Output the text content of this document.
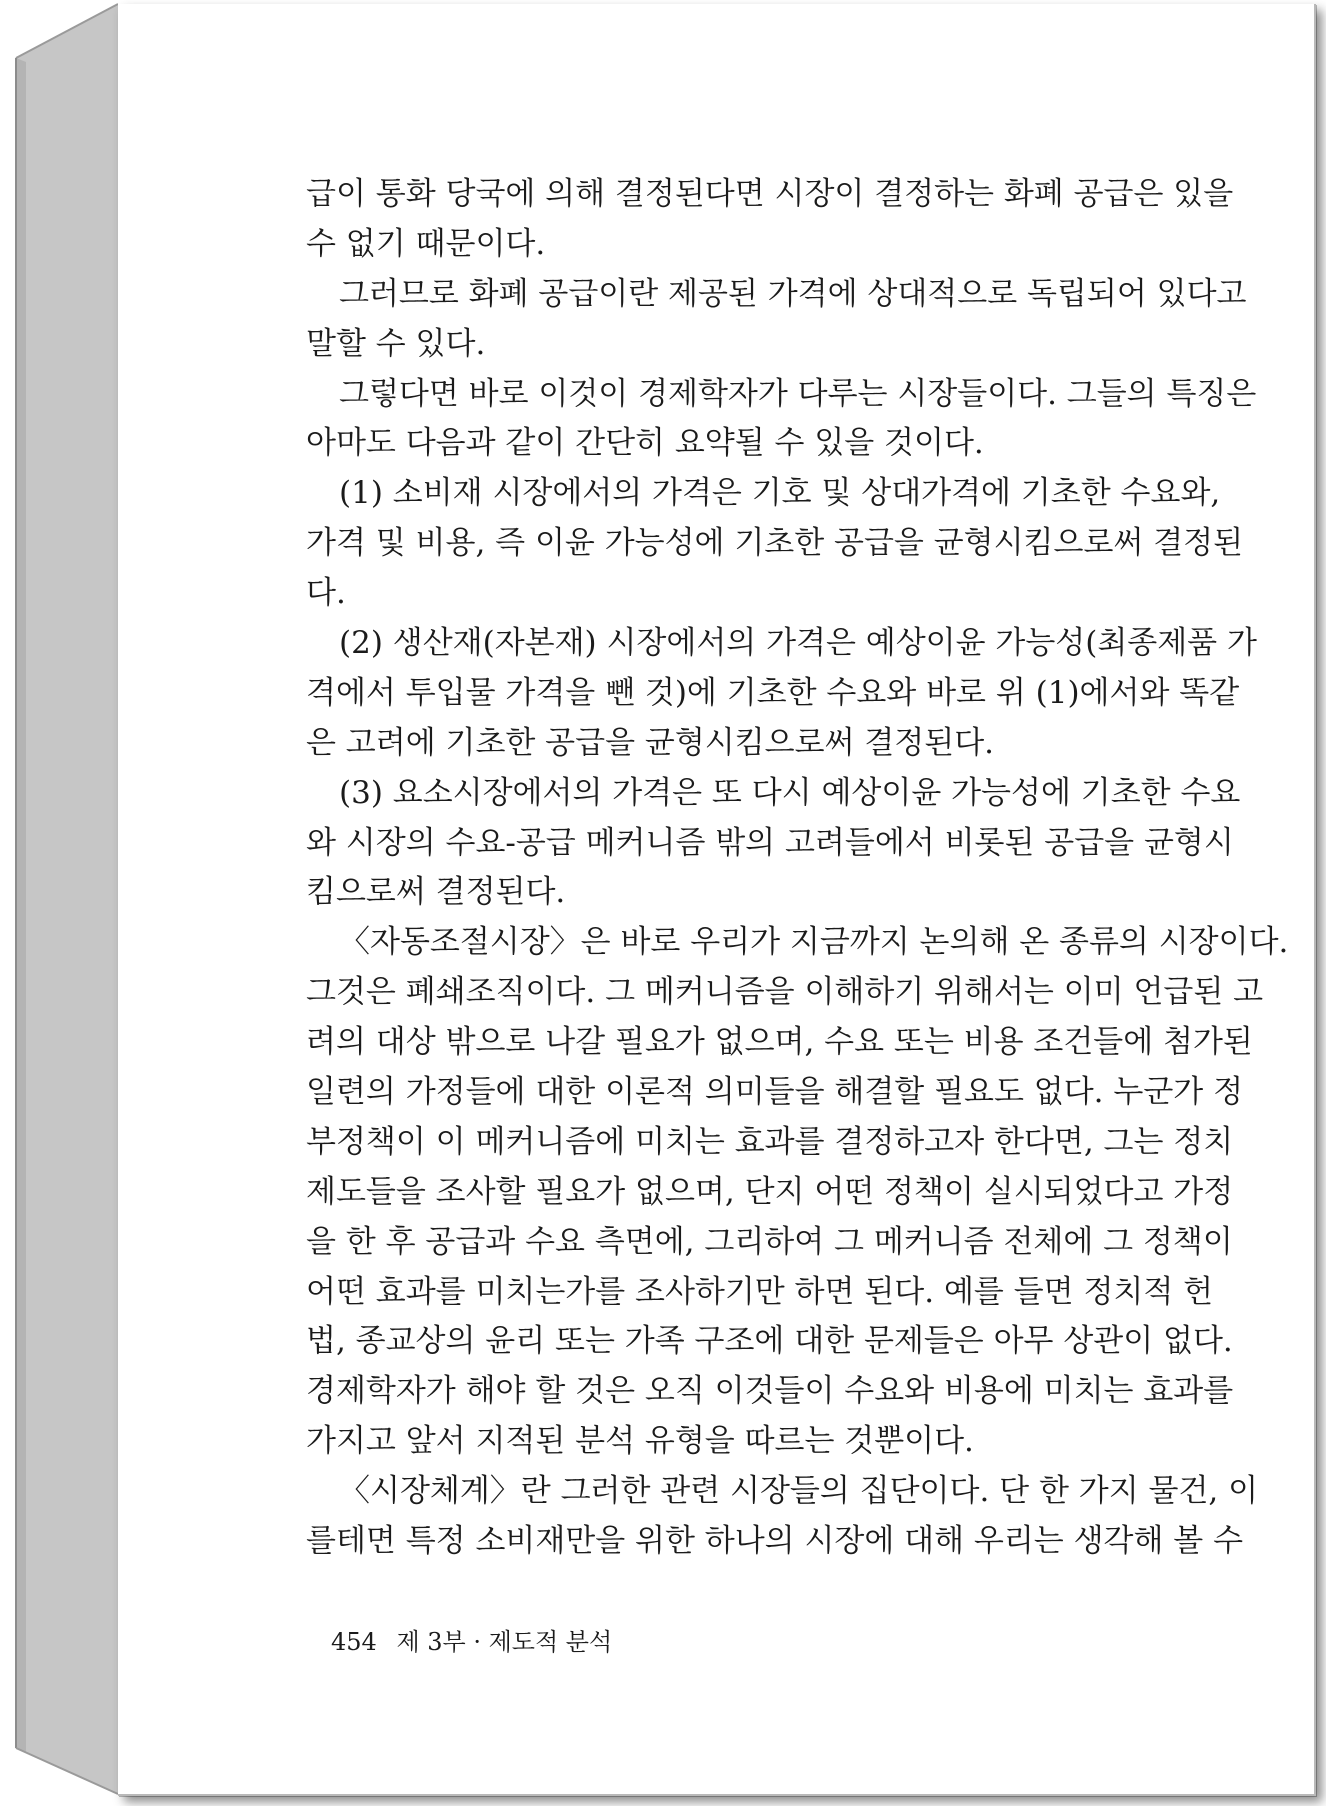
급이 통화 당국에 의해 결정된다면 시장이 결정하는 화폐 공급은 있을
수 없기 때문이다.
그러므로 화폐 공급이란 제공된 가격에 상대적으로 독립되어 있다고
말할 수 있다.
그렇다면 바로 이것이 경제학자가 다루는 시장들이다. 그들의 특징은
아마도 다음과 같이 간단히 요약될 수 있을 것이다.
(1) 소비재 시장에서의 가격은 기호 및 상대가격에 기초한 수요와,
가격 및 비용, 즉 이윤 가능성에 기초한 공급을 균형시킴으로써 결정된
다.
(2) 생산재(자본재) 시장에서의 가격은 예상이윤 가능성(최종제품 가
격에서 투입물 가격을 뺀 것)에 기초한 수요와 바로 위 (1)에서와 똑같
은 고려에 기초한 공급을 균형시킴으로써 결정된다.
(3) 요소시장에서의 가격은 또 다시 예상이윤 가능성에 기초한 수요
와 시장의 수요-공급 메커니즘 밖의 고려들에서 비롯된 공급을 균형시
킴으로써 결정된다.
〈자동조절시장〉은 바로 우리가 지금까지 논의해 온 종류의 시장이다.
그것은 폐쇄조직이다. 그 메커니즘을 이해하기 위해서는 이미 언급된 고
려의 대상 밖으로 나갈 필요가 없으며, 수요 또는 비용 조건들에 첨가된
일련의 가정들에 대한 이론적 의미들을 해결할 필요도 없다. 누군가 정
부정책이 이 메커니즘에 미치는 효과를 결정하고자 한다면, 그는 정치
제도들을 조사할 필요가 없으며, 단지 어떤 정책이 실시되었다고 가정
을 한 후 공급과 수요 측면에, 그리하여 그 메커니즘 전체에 그 정책이
어떤 효과를 미치는가를 조사하기만 하면 된다. 예를 들면 정치적 헌
법, 종교상의 윤리 또는 가족 구조에 대한 문제들은 아무 상관이 없다.
경제학자가 해야 할 것은 오직 이것들이 수요와 비용에 미치는 효과를
가지고 앞서 지적된 분석 유형을 따르는 것뿐이다.
〈시장체계〉란 그러한 관련 시장들의 집단이다. 단 한 가지 물건, 이
를테면 특정 소비재만을 위한 하나의 시장에 대해 우리는 생각해 볼 수
454 제 3부 · 제도적 분석
